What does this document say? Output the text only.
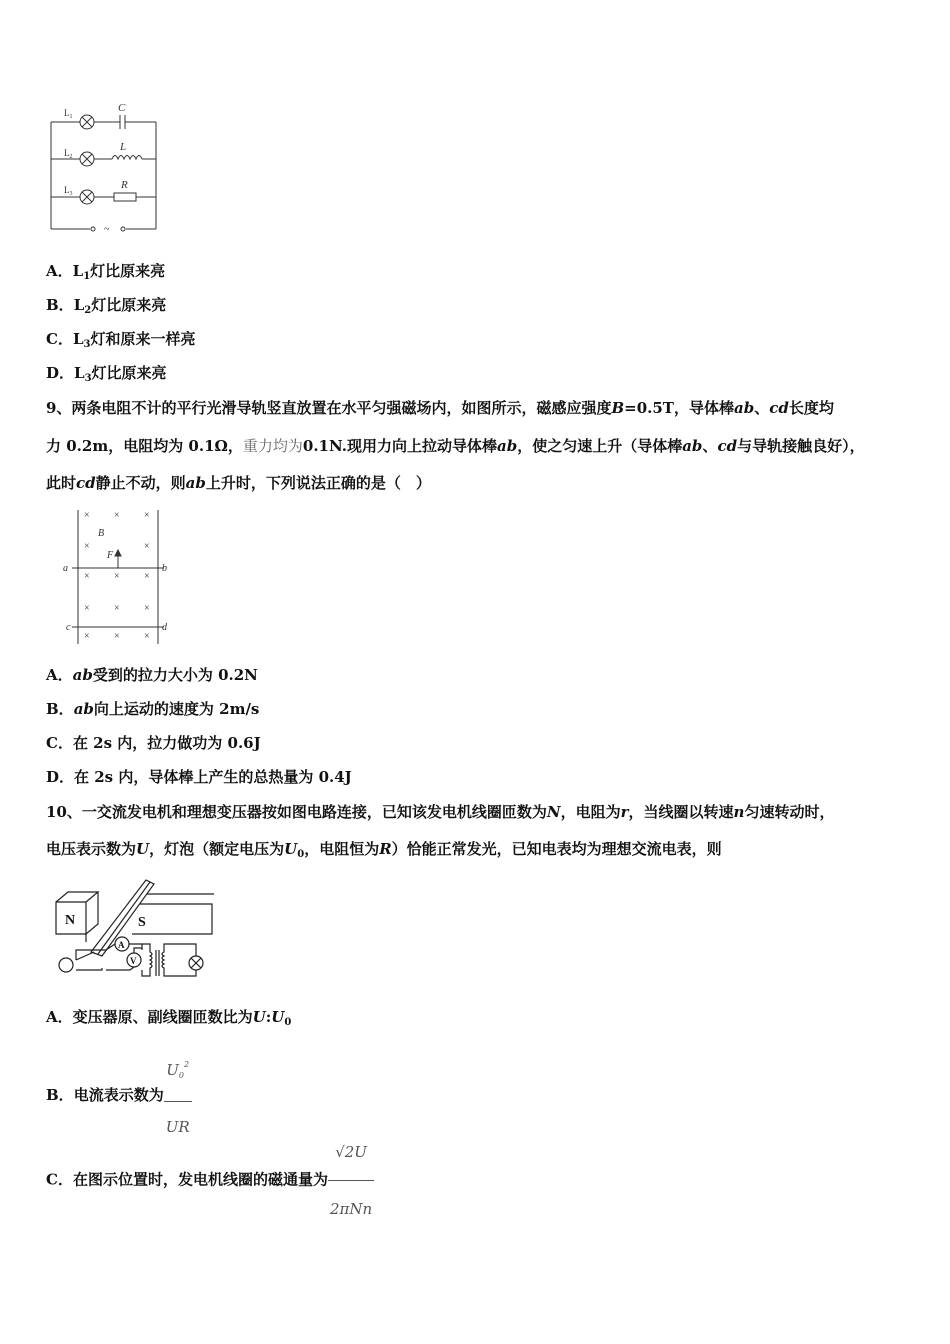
$L_1$
$L_2$
$L_3$
C
L
R
~
A．$L_1$灯比原来亮
B．$L_2$灯比原来亮
C．$L_3$灯和原来一样亮
D．$L_3$灯比原来亮
9、两条电阻不计的平行光滑导轨竖直放置在水平匀强磁场内，如图所示，磁感应强度B=0.5T，导体棒ab、cd长度均
力 0.2m，电阻均为 0.1Ω，重力均为0.1N.现用力向上拉动导体棒ab，使之匀速上升（导体棒ab、cd与导轨接触良好），
此时cd静止不动，则ab上升时，下列说法正确的是（　）
× × ×
×	×
× × ×
× × ×
× × ×
B
F
a	b
c	d
A．ab受到的拉力大小为 0.2N
B．ab向上运动的速度为 2m/s
C．在 2s 内，拉力做功为 0.6J
D．在 2s 内，导体棒上产生的总热量为 0.4J
10、一交流发电机和理想变压器按如图电路连接，已知该发电机线圈匝数为N，电阻为r，当线圈以转速n匀速转动时，
电压表示数为U，灯泡（额定电压为$U_0$，电阻恒为R）恰能正常发光，已知电表均为理想交流电表，则
N	S
A
V
A．变压器原、副线圈匝数比为$U:U_0$
B．电流表示数为 $\frac{U_0^2}{UR}$
C．在图示位置时，发电机线圈的磁通量为 $\frac{√2U}{\text{2πNn}}$
